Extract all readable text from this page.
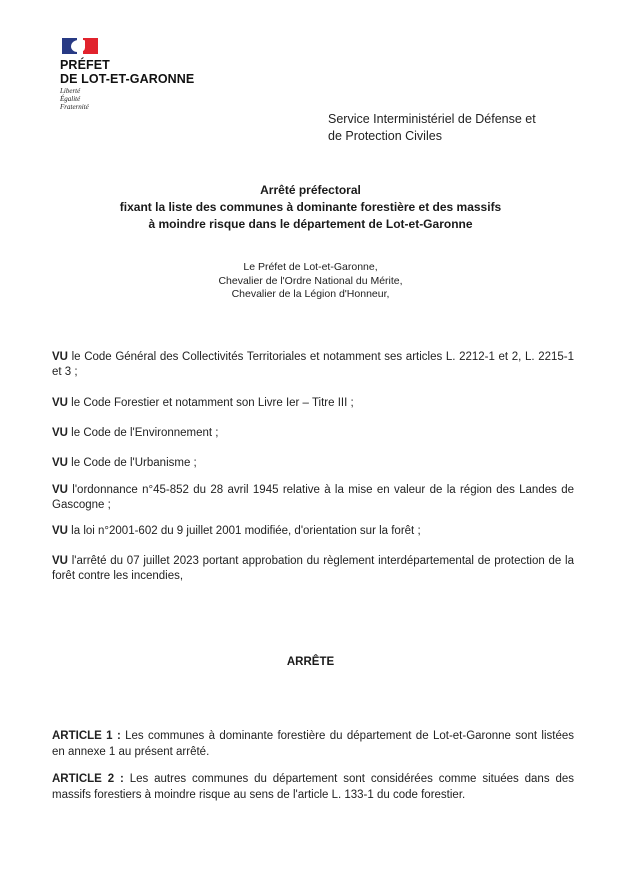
PRÉFET
DE LOT-ET-GARONNE
Liberté
Égalité
Fraternité
Service Interministériel de Défense et
de Protection Civiles
Arrêté préfectoral
fixant la liste des communes à dominante forestière et des massifs
à moindre risque dans le département de Lot-et-Garonne
Le Préfet de Lot-et-Garonne,
Chevalier de l'Ordre National du Mérite,
Chevalier de la Légion d'Honneur,

VU le Code Général des Collectivités Territoriales et notamment ses articles L. 2212-1 et 2, L. 2215-1 et 3 ;

VU le Code Forestier et notamment son Livre Ier – Titre III ;

VU le Code de l'Environnement ;

VU le Code de l'Urbanisme ;

VU l'ordonnance n°45-852 du 28 avril 1945 relative à la mise en valeur de la région des Landes de Gascogne ;

VU la loi n°2001-602 du 9 juillet 2001 modifiée, d'orientation sur la forêt ;

VU l'arrêté du 07 juillet 2023 portant approbation du règlement interdépartemental de protection de la forêt contre les incendies,

ARRÊTE

ARTICLE 1 : Les communes à dominante forestière du département de Lot-et-Garonne sont listées en annexe 1 au présent arrêté.

ARTICLE 2 : Les autres communes du département sont considérées comme situées dans des massifs forestiers à moindre risque au sens de l'article L. 133-1 du code forestier.
